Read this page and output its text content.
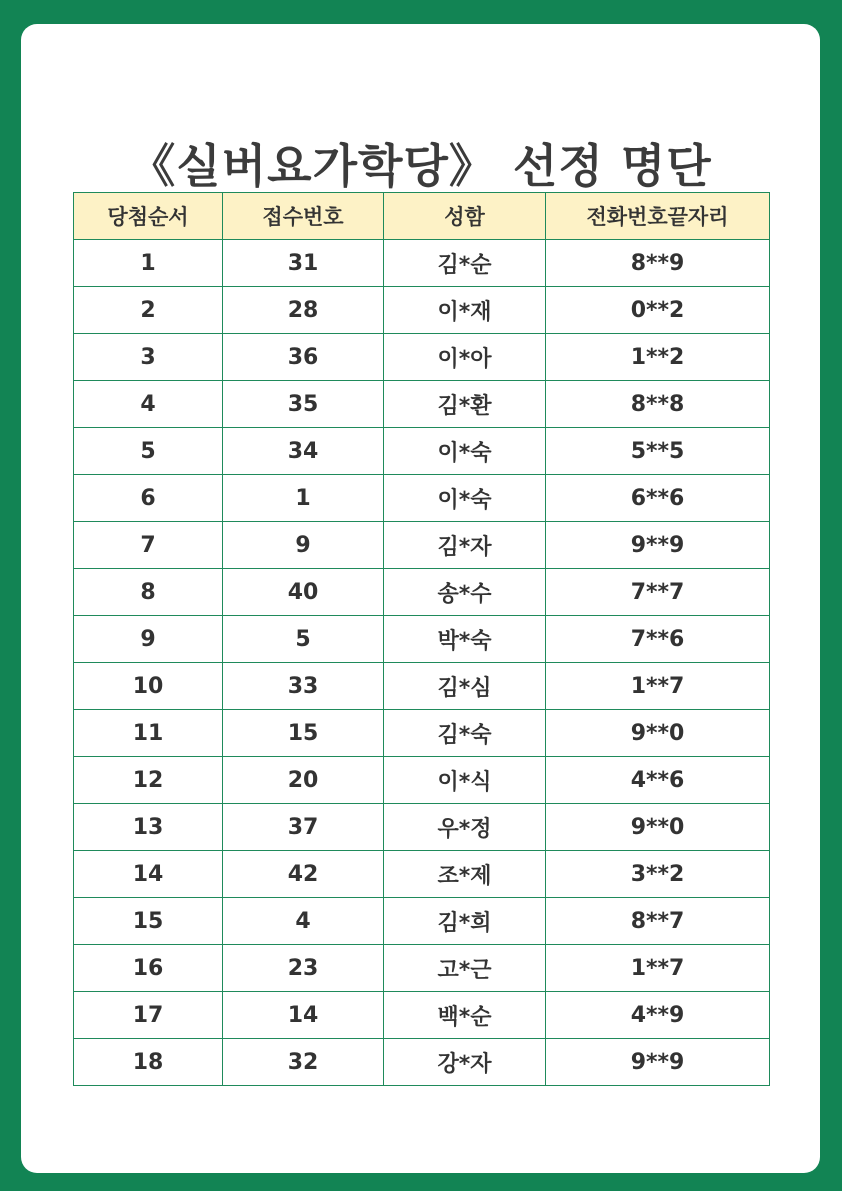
《실버요가학당》 선정 명단
당첨순서	접수번호	성함	전화번호끝자리
1	31	김*순	8**9
2	28	이*재	0**2
3	36	이*아	1**2
4	35	김*환	8**8
5	34	이*숙	5**5
6	1	이*숙	6**6
7	9	김*자	9**9
8	40	송*수	7**7
9	5	박*숙	7**6
10	33	김*심	1**7
11	15	김*숙	9**0
12	20	이*식	4**6
13	37	우*정	9**0
14	42	조*제	3**2
15	4	김*희	8**7
16	23	고*근	1**7
17	14	백*순	4**9
18	32	강*자	9**9
